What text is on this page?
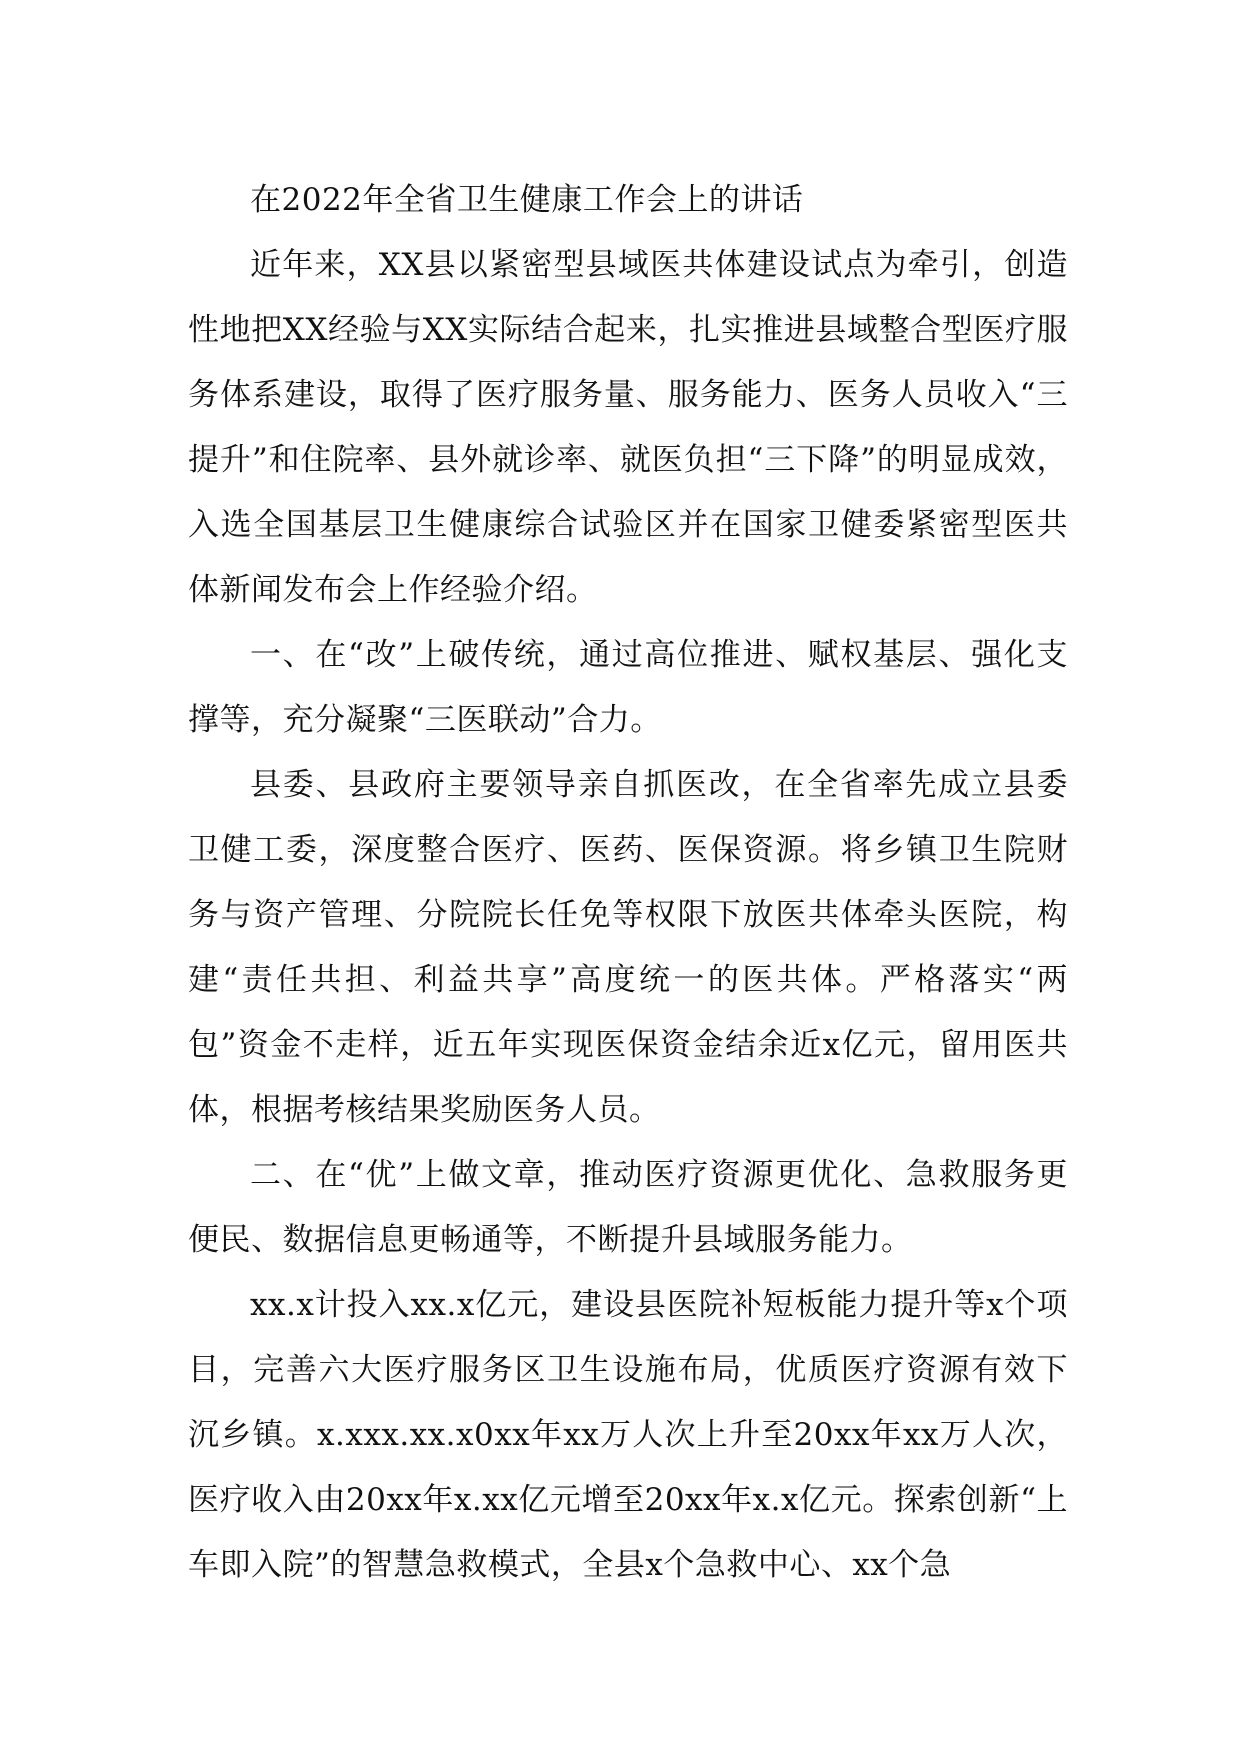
在2022年全省卫生健康工作会上的讲话

近年来，XX县以紧密型县域医共体建设试点为牵引，创造性地把XX经验与XX实际结合起来，扎实推进县域整合型医疗服务体系建设，取得了医疗服务量、服务能力、医务人员收入“三提升”和住院率、县外就诊率、就医负担“三下降”的明显成效，入选全国基层卫生健康综合试验区并在国家卫健委紧密型医共体新闻发布会上作经验介绍。

一、在“改”上破传统，通过高位推进、赋权基层、强化支撑等，充分凝聚“三医联动”合力。

县委、县政府主要领导亲自抓医改，在全省率先成立县委卫健工委，深度整合医疗、医药、医保资源。将乡镇卫生院财务与资产管理、分院院长任免等权限下放医共体牵头医院，构建“责任共担、利益共享”高度统一的医共体。严格落实“两包”资金不走样，近五年实现医保资金结余近x亿元，留用医共体，根据考核结果奖励医务人员。

二、在“优”上做文章，推动医疗资源更优化、急救服务更便民、数据信息更畅通等，不断提升县域服务能力。

xx.x计投入xx.x亿元，建设县医院补短板能力提升等x个项目，完善六大医疗服务区卫生设施布局，优质医疗资源有效下沉乡镇。x.xxx.xx.x0xx年xx万人次上升至20xx年xx万人次，医疗收入由20xx年x.xx亿元增至20xx年x.x亿元。探索创新“上车即入院”的智慧急救模式，全县x个急救中心、xx个急
